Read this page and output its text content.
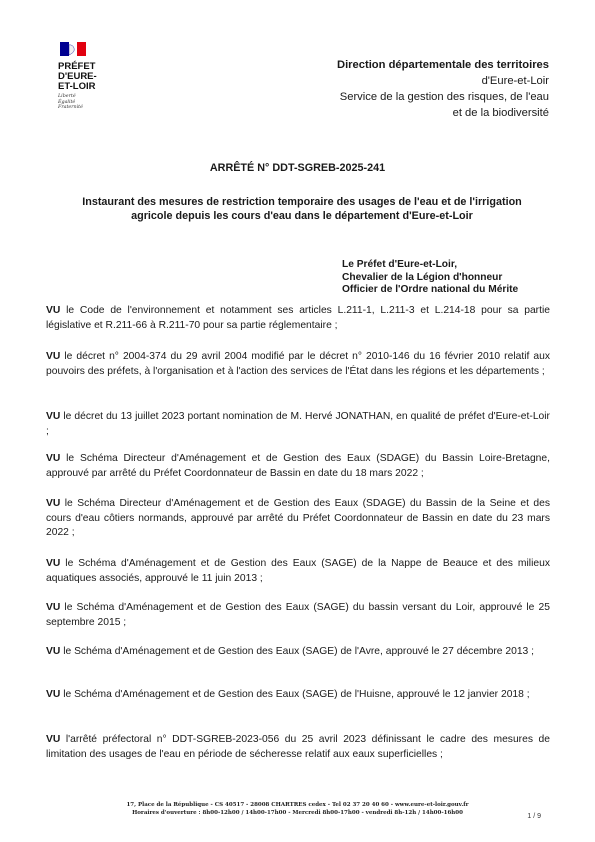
PRÉFET
D'EURE-
ET-LOIR
Liberté
Égalité
Fraternité
Direction départementale des territoires
d'Eure-et-Loir
Service de la gestion des risques, de l'eau
et de la biodiversité
ARRÊTÉ N° DDT-SGREB-2025-241
Instaurant des mesures de restriction temporaire des usages de l'eau et de l'irrigation agricole depuis les cours d'eau dans le département d'Eure-et-Loir
Le Préfet d'Eure-et-Loir,
Chevalier de la Légion d'honneur
Officier de l'Ordre national du Mérite
VU le Code de l'environnement et notamment ses articles L.211-1, L.211-3 et L.214-18 pour sa partie législative et R.211-66 à R.211-70 pour sa partie réglementaire ;
VU le décret n° 2004-374 du 29 avril 2004 modifié par le décret n° 2010-146 du 16 février 2010 relatif aux pouvoirs des préfets, à l'organisation et à l'action des services de l'État dans les régions et les départements ;
VU le décret du 13 juillet 2023 portant nomination de M. Hervé JONATHAN, en qualité de préfet d'Eure-et-Loir ;
VU le Schéma Directeur d'Aménagement et de Gestion des Eaux (SDAGE) du Bassin Loire-Bretagne, approuvé par arrêté du Préfet Coordonnateur de Bassin en date du 18 mars 2022 ;
VU le Schéma Directeur d'Aménagement et de Gestion des Eaux (SDAGE) du Bassin de la Seine et des cours d'eau côtiers normands, approuvé par arrêté du Préfet Coordonnateur de Bassin en date du 23 mars 2022 ;
VU le Schéma d'Aménagement et de Gestion des Eaux (SAGE) de la Nappe de Beauce et des milieux aquatiques associés, approuvé le 11 juin 2013 ;
VU le Schéma d'Aménagement et de Gestion des Eaux (SAGE) du bassin versant du Loir, approuvé le 25 septembre 2015 ;
VU le Schéma d'Aménagement et de Gestion des Eaux (SAGE) de l'Avre, approuvé le 27 décembre 2013 ;
VU le Schéma d'Aménagement et de Gestion des Eaux (SAGE) de l'Huisne, approuvé le 12 janvier 2018 ;
VU l'arrêté préfectoral n° DDT-SGREB-2023-056 du 25 avril 2023 définissant le cadre des mesures de limitation des usages de l'eau en période de sécheresse relatif aux eaux superficielles ;
17, Place de la République - CS 40517 - 28008 CHARTRES cedex - Tel 02 37 20 40 60 - www.eure-et-loir.gouv.fr
Horaires d'ouverture : 8h00-12h00 / 14h00-17h00 - Mercredi 8h00-17h00 - vendredi 8h-12h / 14h00-16h00
1 / 9
